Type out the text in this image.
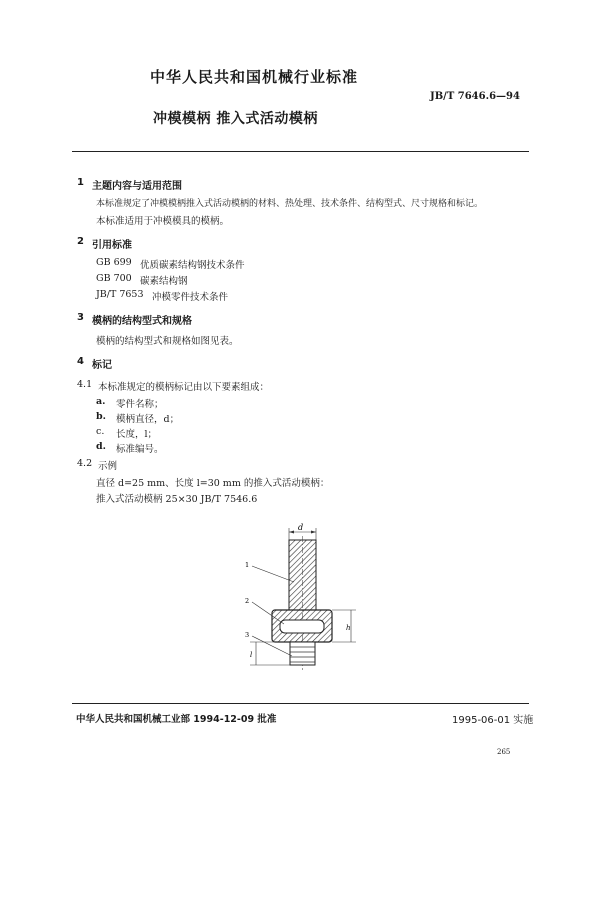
中华人民共和国机械行业标准
JB/T 7646.6—94
冲模模柄 推入式活动模柄
1 主题内容与适用范围
本标准规定了冲模模柄推入式活动模柄的材料、热处理、技术条件、结构型式、尺寸规格和标记。
本标准适用于冲模模具的模柄。
2 引用标准
GB 699 优质碳素结构钢技术条件
GB 700 碳素结构钢
JB/T 7653 冲模零件技术条件
3 模柄的结构型式和规格
模柄的结构型式和规格如图见表。
4 标记
4.1 本标准规定的模柄标记由以下要素组成：
a. 零件名称；
b. 模柄直径，d；
c. 长度，l；
d. 标准编号。
4.2 示例
直径 d=25 mm、长度 l=30 mm 的推入式活动模柄：
推入式活动模柄 25×30 JB/T 7546.6
d
h
l
1
2
3
中华人民共和国机械工业部 1994-12-09 批准	1995-06-01 实施
265
